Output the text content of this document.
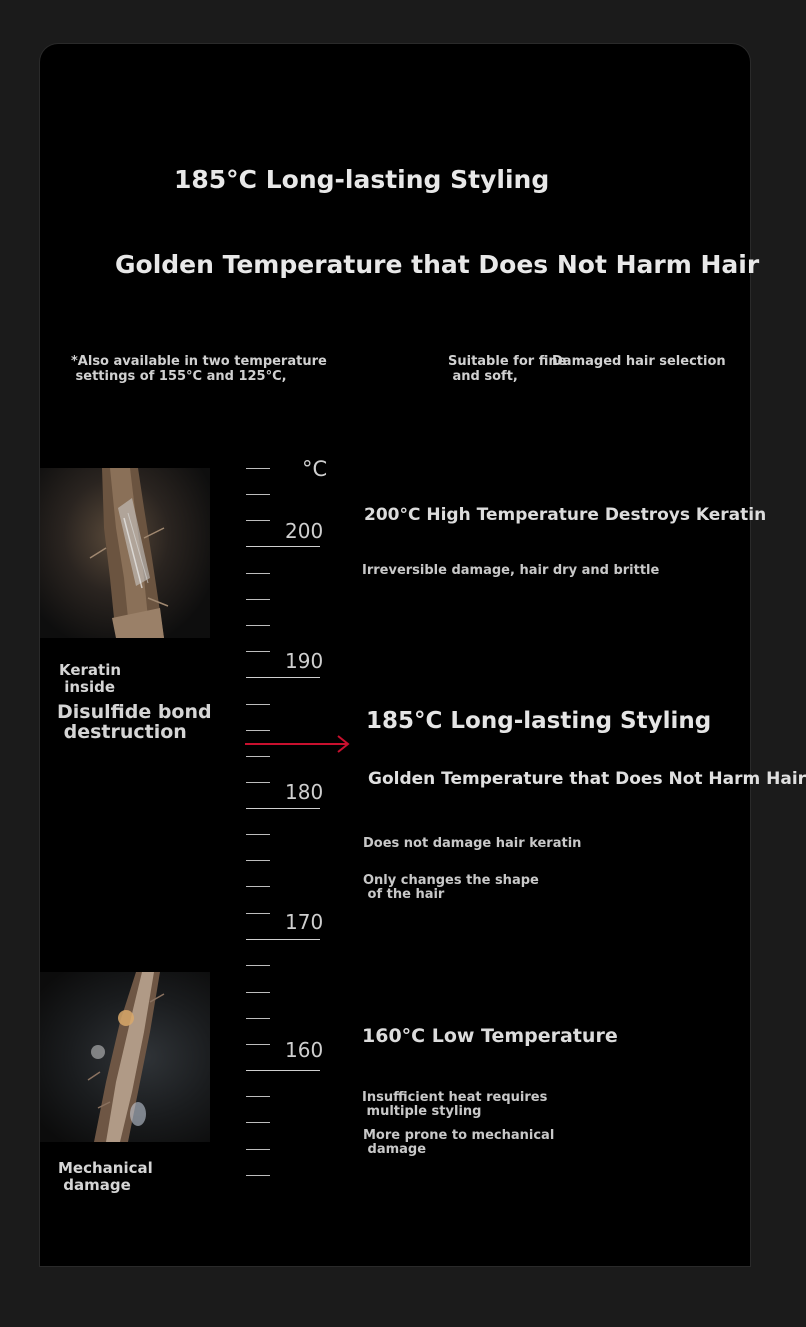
185°C Long-lasting Styling
Golden Temperature that Does Not Harm Hair
*Also available in two temperature
settings of 155°C and 125°C,
Suitable for fine
and soft,
Damaged hair selection
Keratin
inside
Disulfide bond
destruction
Mechanical
damage
°C
200
190
180
170
160
200°C High Temperature Destroys Keratin
Irreversible damage, hair dry and brittle
185°C Long-lasting Styling
Golden Temperature that Does Not Harm Hair
Does not damage hair keratin
Only changes the shape
of the hair
160°C Low Temperature
Insufficient heat requires
multiple styling
More prone to mechanical
damage
